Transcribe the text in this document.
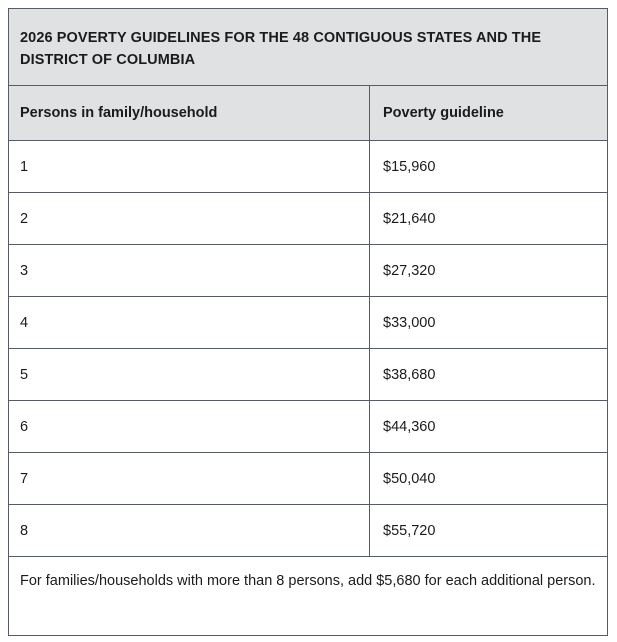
2026 POVERTY GUIDELINES FOR THE 48 CONTIGUOUS STATES AND THE DISTRICT OF COLUMBIA
Persons in family/household	Poverty guideline
1	$15,960
2	$21,640
3	$27,320
4	$33,000
5	$38,680
6	$44,360
7	$50,040
8	$55,720
For families/households with more than 8 persons, add $5,680 for each additional person.
